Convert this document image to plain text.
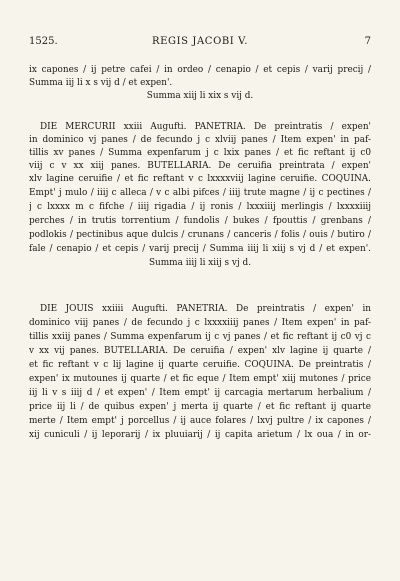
1525.	REGIS JACOBI V.	7
ix capones / ij petre cafei / in ordeo / cenapio / et cepis / varij precij /
Summa iij li x s vij d / et expen'.
Summa xiij li xix s vij d.
DIE MERCURII xxiii Augufti. PANETRIA. De preintratis / expen'
in dominico vj panes / de fecundo j c xlviij panes / Item expen' in paf-
tillis xv panes / Summa expenfarum j c lxix panes / et fic reftant ij c0
viij c v xx xiij panes. BUTELLARIA. De ceruifia preintrata / expen'
xlv lagine ceruifie / et fic reftant v c lxxxxviij lagine ceruifie. COQUINA.
Empt' j mulo / iiij c alleca / v c albi pifces / iiij trute magne / ij c pectines /
j c lxxxx m c fifche / iiij rigadia / ij ronis / lxxxiiij merlingis / lxxxxiiij
perches / in trutis torrentium / fundolis / bukes / fpouttis / grenbans /
podlokis / pectinibus aque dulcis / crunans / canceris / folis / ouis / butiro /
fale / cenapio / et cepis / varij precij / Summa iiij li xiij s vj d / et expen'.
Summa iiij li xiij s vj d.
DIE JOUIS xxiiii Augufti. PANETRIA. De preintratis / expen' in
dominico viij panes / de fecundo j c lxxxxiiij panes / Item expen' in paf-
tillis xxiij panes / Summa expenfarum ij c vj panes / et fic reftant ij c0 vj c
v xx vij panes. BUTELLARIA. De ceruifia / expen' xlv lagine ij quarte /
et fic reftant v c lij lagine ij quarte ceruifie. COQUINA. De preintratis /
expen' ix mutounes ij quarte / et fic eque / Item empt' xiij mutones / price
iij li v s iiij d / et expen' / Item empt' ij carcagia mertarum herbalium /
price iij li / de quibus expen' j merta ij quarte / et fic reftant ij quarte
merte / Item empt' j porcellus / ij auce folares / lxvj pultre / ix capones /
xij cuniculi / ij leporarij / ix pluuiarij / ij capita arietum / lx oua / in or-
